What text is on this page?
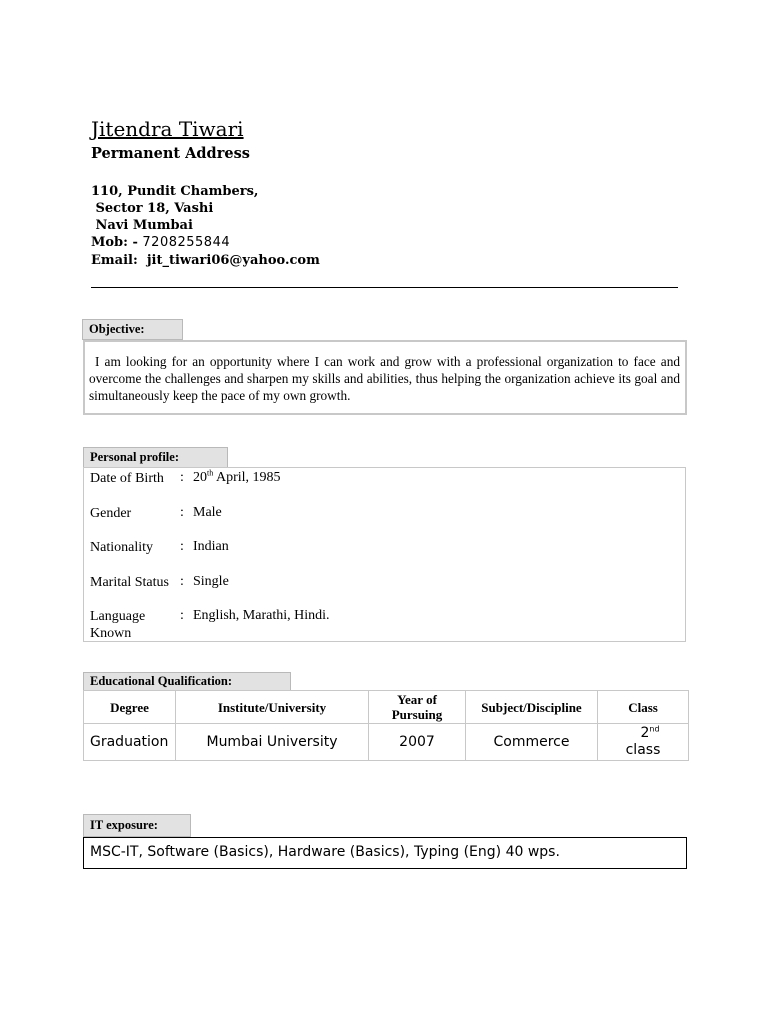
Jitendra Tiwari
Permanent Address
110, Pundit Chambers,
Sector 18, Vashi
Navi Mumbai
Mob: - 7208255844
Email:  jit_tiwari06@yahoo.com
Objective:

I am looking for an opportunity where I can work and grow with a professional organization to face and overcome the challenges and sharpen my skills and abilities, thus helping the organization achieve its goal and simultaneously keep the pace of my own growth.

Personal profile:
Date of Birth	: 20th April, 1985
Gender	: Male
Nationality	: Indian
Marital Status : Single
Language Known
: English, Marathi, Hindi.
Educational Qualification:
Degree	Institute/University	Year of Pursuing	Subject/Discipline	Class
Graduation	Mumbai University	2007	Commerce	2nd
class
IT exposure:
MSC-IT, Software (Basics), Hardware (Basics), Typing (Eng) 40 wps.
